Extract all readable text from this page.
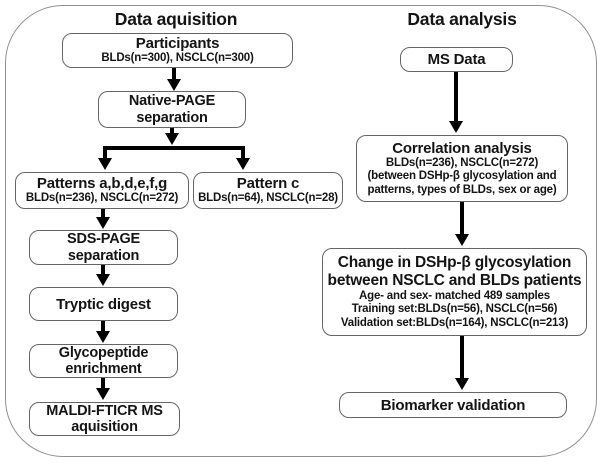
Data aquisition	Data analysis
Participants
BLDs(n=300), NSCLC(n=300)
Native-PAGE
separation
Patterns a,b,d,e,f,g
BLDs(n=236), NSCLC(n=272)
Pattern c
BLDs(n=64), NSCLC(n=28)
SDS-PAGE
separation
Tryptic digest
Glycopeptide
enrichment
MALDI-FTICR MS
aquisition
MS Data
Correlation analysis
BLDs(n=236), NSCLC(n=272)
(between DSHp-β glycosylation and
patterns, types of BLDs, sex or age)
Change in DSHp-β glycosylation
between NSCLC and BLDs patients
Age- and sex- matched 489 samples
Training set:BLDs(n=56), NSCLC(n=56)
Validation set:BLDs(n=164), NSCLC(n=213)
Biomarker validation
